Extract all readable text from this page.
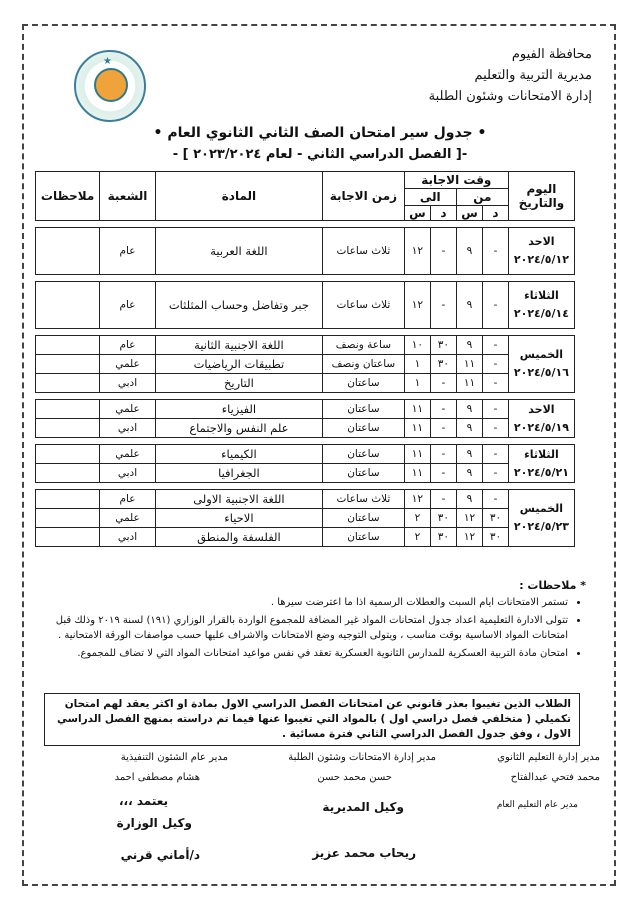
★	محافظة الفيوم
مديرية التربية والتعليم
إدارة الامتحانات وشئون الطلبة
• جدول سير امتحان الصف الثاني الثانوي العام •
-[ الفصل الدراسي الثاني - لعام ٢٠٢٣/٢٠٢٤ ] -
اليوم والتاريخ	وقت الاجابة				زمن الاجابة	المادة	الشعبة	ملاحظات
	من		الى					
	د	س	د	س				

الاحد
٢٠٢٤/٥/١٢	-	٩	-	١٢	ثلاث ساعات	اللغة العربية	عام	

الثلاثاء
٢٠٢٤/٥/١٤	-	٩	-	١٢	ثلاث ساعات	جبر وتفاضل وحساب المثلثات	عام	

الخميس
٢٠٢٤/٥/١٦	-	٩	٣٠	١٠	ساعة ونصف	اللغة الاجنبية الثانية	عام	
	-	١١	٣٠	١	ساعتان ونصف	تطبيقات الرياضيات	علمي	
	-	١١	-	١	ساعتان	التاريخ	ادبي	

الاحد
٢٠٢٤/٥/١٩	-	٩	-	١١	ساعتان	الفيزياء	علمي	
	-	٩	-	١١	ساعتان	علم النفس والاجتماع	ادبي	

الثلاثاء
٢٠٢٤/٥/٢١	-	٩	-	١١	ساعتان	الكيمياء	علمي	
	-	٩	-	١١	ساعتان	الجغرافيا	ادبي	

الخميس
٢٠٢٤/٥/٢٣	-	٩	-	١٢	ثلاث ساعات	اللغة الاجنبية الاولى	عام	
	٣٠	١٢	٣٠	٢	ساعتان	الاحياء	علمي	
	٣٠	١٢	٣٠	٢	ساعتان	الفلسفة والمنطق	ادبي	
* ملاحظات :
• تستمر الامتحانات ايام السبت والعطلات الرسمية اذا ما اعترضت سيرها .
• تتولى الادارة التعليمية اعداد جدول امتحانات المواد غير المضافة للمجموع الواردة بالقرار الوزاري (١٩١) لسنة ٢٠١٩ وذلك قبل امتحانات المواد الاساسية بوقت مناسب ، ويتولى التوجيه وضع الامتحانات والاشراف عليها حسب مواصفات الورقة الامتحانية .
• امتحان مادة التربية العسكرية للمدارس الثانوية العسكرية تعقد في نفس مواعيد امتحانات المواد التي لا تضاف للمجموع.
الطلاب الذين تغيبوا بعذر قانوني عن امتحانات الفصل الدراسي الاول بمادة او اكثر يعقد لهم امتحان تكميلي ( متخلفي فصل دراسي اول ) بالمواد التي تغيبوا عنها فيما تم دراسته بمنهج الفصل الدراسي الاول ، وفق جدول الفصل الدراسي الثاني فترة مسائية .
مدير إدارة التعليم الثانوي
محمد فتحي عبدالفتاح
مدير عام التعليم العام
مدير إدارة الامتحانات وشئون الطلبة
حسن محمد حسن
مدير عام الشئون التنفيذية
هشام مصطفى احمد
وكيل المديرية
ريحاب محمد عزيز
يعتمد ،،،
وكيل الوزارة
د/أماني قرني
